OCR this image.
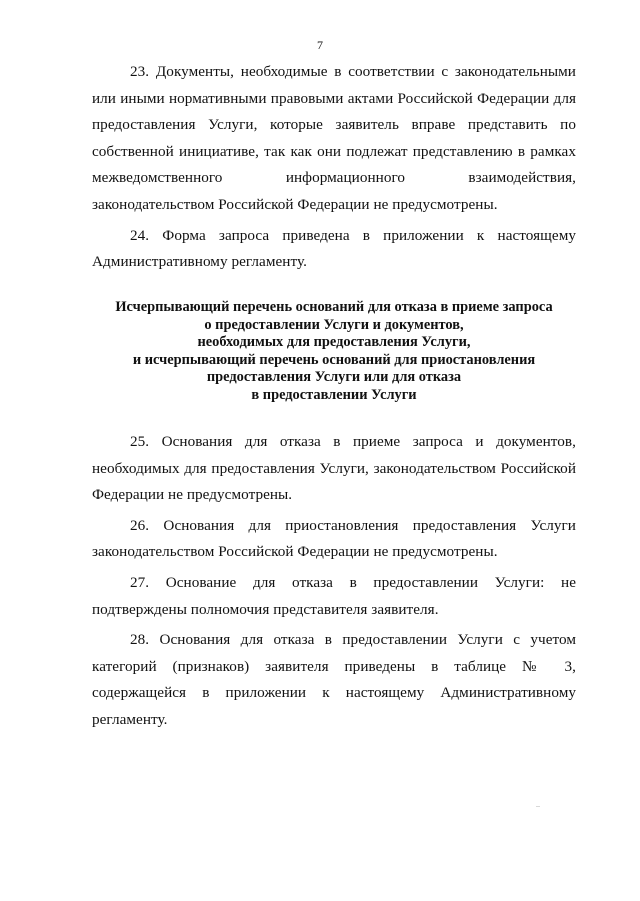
7

23. Документы, необходимые в соответствии с законодательными или иными нормативными правовыми актами Российской Федерации для предоставления Услуги, которые заявитель вправе представить по собственной инициативе, так как они подлежат представлению в рамках межведомственного информационного взаимодействия, законодательством Российской Федерации не предусмотрены.

24. Форма запроса приведена в приложении к настоящему Административному регламенту.

Исчерпывающий перечень оснований для отказа в приеме запроса
о предоставлении Услуги и документов,
необходимых для предоставления Услуги,
и исчерпывающий перечень оснований для приостановления
предоставления Услуги или для отказа
в предоставлении Услуги

25. Основания для отказа в приеме запроса и документов, необходимых для предоставления Услуги, законодательством Российской Федерации не предусмотрены.

26. Основания для приостановления предоставления Услуги законодательством Российской Федерации не предусмотрены.

27. Основание для отказа в предоставлении Услуги: не подтверждены полномочия представителя заявителя.

28. Основания для отказа в предоставлении Услуги с учетом категорий (признаков) заявителя приведены в таблице № 3, содержащейся в приложении к настоящему Административному регламенту.
